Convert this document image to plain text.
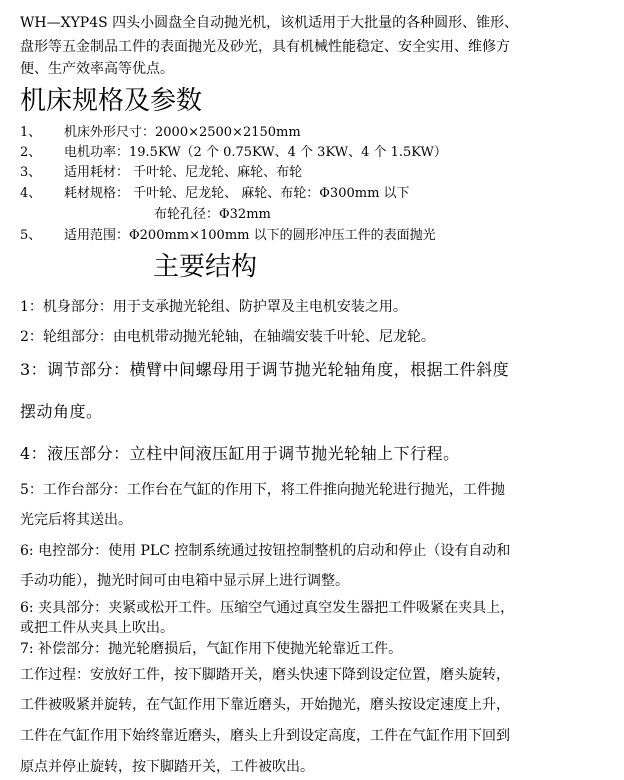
WH—XYP4S 四头小圆盘全自动抛光机，该机适用于大批量的各种圆形、锥形、
盘形等五金制品工件的表面抛光及砂光，具有机械性能稳定、安全实用、维修方
便、生产效率高等优点。
机床规格及参数
1、 机床外形尺寸：2000×2500×2150mm
2、 电机功率：19.5KW（2 个 0.75KW、4 个 3KW、4 个 1.5KW）
3、 适用耗材： 千叶轮、尼龙轮、麻轮、布轮
4、 耗材规格： 千叶轮、尼龙轮、 麻轮、布轮：Φ300mm 以下
布轮孔径：Φ32mm
5、 适用范围：Φ200mm×100mm 以下的圆形冲压工件的表面抛光
主要结构
1：机身部分：用于支承抛光轮组、防护罩及主电机安装之用。
2：轮组部分：由电机带动抛光轮轴，在轴端安装千叶轮、尼龙轮。
3：调节部分：横臂中间螺母用于调节抛光轮轴角度，根据工件斜度
摆动角度。
4：液压部分：立柱中间液压缸用于调节抛光轮轴上下行程。
5：工作台部分：工作台在气缸的作用下，将工件推向抛光轮进行抛光，工件抛
光完后将其送出。
6: 电控部分：使用 PLC 控制系统通过按钮控制整机的启动和停止（设有自动和
手动功能），抛光时间可由电箱中显示屏上进行调整。
6: 夹具部分：夹紧或松开工件。压缩空气通过真空发生器把工件吸紧在夹具上，
或把工件从夹具上吹出。
7: 补偿部分：抛光轮磨损后，气缸作用下使抛光轮靠近工件。
工作过程：安放好工件，按下脚踏开关，磨头快速下降到设定位置，磨头旋转，
工件被吸紧并旋转，在气缸作用下靠近磨头，开始抛光，磨头按设定速度上升，
工件在气缸作用下始终靠近磨头，磨头上升到设定高度，工件在气缸作用下回到
原点并停止旋转，按下脚踏开关，工件被吹出。
